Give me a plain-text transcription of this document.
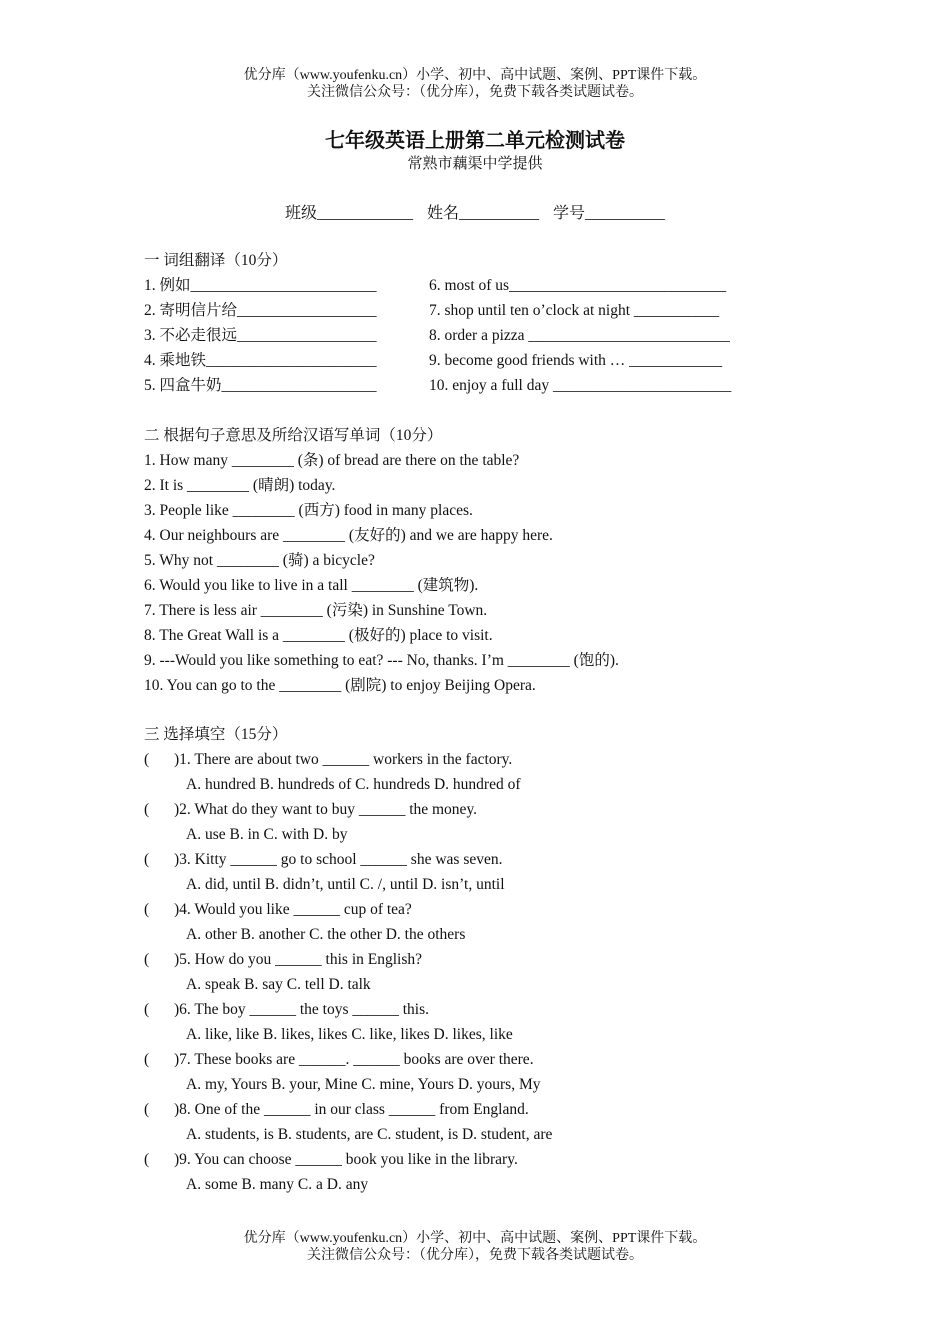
优分库（www.youfenku.cn）小学、初中、高中试题、案例、PPT课件下载。
关注微信公众号：（优分库），免费下载各类试题试卷。
七年级英语上册第二单元检测试卷
常熟市藕渠中学提供
班级____________ 姓名__________ 学号__________
一 词组翻译（10分）
1. 例如________________________	6. most of us____________________________
2. 寄明信片给__________________	7. shop until ten o’clock at night ___________
3. 不必走很远__________________	8. order a pizza __________________________
4. 乘地铁______________________	9. become good friends with … ____________
5. 四盒牛奶____________________	10. enjoy a full day _______________________
二 根据句子意思及所给汉语写单词（10分）
1. How many ________ (条) of bread are there on the table?
2. It is ________ (晴朗) today.
3. People like ________ (西方) food in many places.
4. Our neighbours are ________ (友好的) and we are happy here.
5. Why not ________ (骑) a bicycle?
6. Would you like to live in a tall ________ (建筑物).
7. There is less air ________ (污染) in Sunshine Town.
8. The Great Wall is a ________ (极好的) place to visit.
9. ---Would you like something to eat? --- No, thanks. I’m ________ (饱的).
10. You can go to the ________ (剧院) to enjoy Beijing Opera.
三 选择填空（15分）
( )1. There are about two ______ workers in the factory.
A. hundred B. hundreds of C. hundreds D. hundred of
( )2. What do they want to buy ______ the money.
A. use B. in C. with D. by
( )3. Kitty ______ go to school ______ she was seven.
A. did, until B. didn’t, until C. /, until D. isn’t, until
( )4. Would you like ______ cup of tea?
A. other B. another C. the other D. the others
( )5. How do you ______ this in English?
A. speak B. say C. tell D. talk
( )6. The boy ______ the toys ______ this.
A. like, like B. likes, likes C. like, likes D. likes, like
( )7. These books are ______. ______ books are over there.
A. my, Yours B. your, Mine C. mine, Yours D. yours, My
( )8. One of the ______ in our class ______ from England.
A. students, is B. students, are C. student, is D. student, are
( )9. You can choose ______ book you like in the library.
A. some B. many C. a D. any
优分库（www.youfenku.cn）小学、初中、高中试题、案例、PPT课件下载。
关注微信公众号：（优分库），免费下载各类试题试卷。
